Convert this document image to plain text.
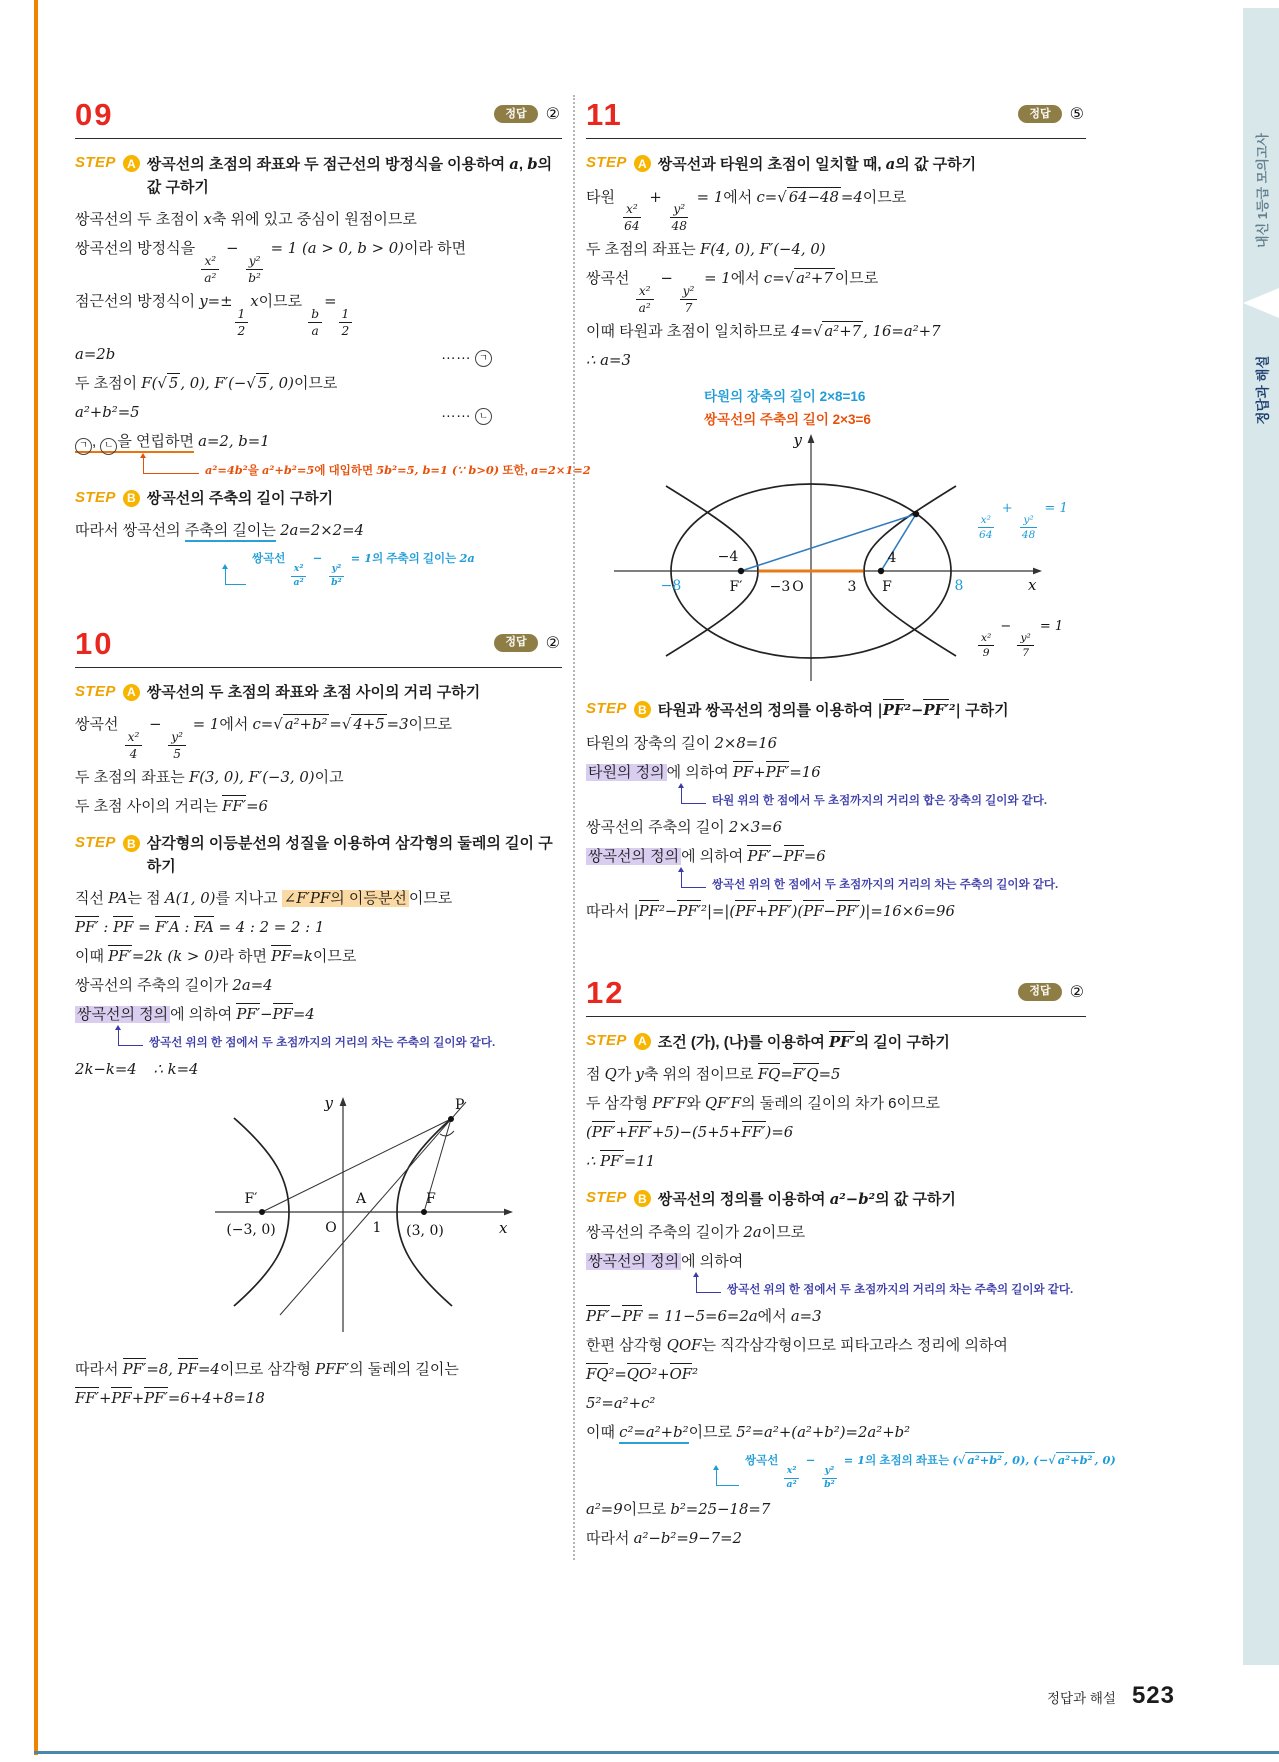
내신 1등급 모의고사
정답과 해설
정답과 해설 523
09	정답	②
STEP A 쌍곡선의 초점의 좌표와 두 점근선의 방정식을 이용하여 a, b의 값 구하기
쌍곡선의 두 초점이 x축 위에 있고 중심이 원점이므로
쌍곡선의 방정식을
$\frac{\text{x²}}{\text{a²}}$
−
$\frac{\text{y²}}{\text{b²}}$
= 1 (a > 0, b > 0)이라 하면
점근선의 방정식이 y=±
$\frac{1}{2}$
x이므로
$\frac{b}{a}$
=
$\frac{1}{2}$
a=2b	…… ㄱ
두 초점이 F(√ 5 , 0), F′(−√ 5 , 0)이므로
a²+b²=5	…… ㄴ
ㄱ , ㄴ 을 연립하면 a=2, b=1
a²=4b²을 a²+b²=5에 대입하면 5b²=5, b=1 (∵ b>0) 또한, a=2×1=2
STEP B 쌍곡선의 주축의 길이 구하기
따라서 쌍곡선의 주축의 길이는 2a=2×2=4
쌍곡선
$\frac{\text{x²}}{\text{a²}}$
−
$\frac{\text{y²}}{\text{b²}}$
= 1의 주축의 길이는 2a
10	정답	②
STEP A 쌍곡선의 두 초점의 좌표와 초점 사이의 거리 구하기
쌍곡선
$\frac{\text{x²}}{4}$
−
$\frac{\text{y²}}{5}$
= 1에서 c=√ a²+b² =√ 4+5 =3이므로
두 초점의 좌표는 F(3, 0), F′(−3, 0)이고
두 초점 사이의 거리는 FF′=6
STEP B 삼각형의 이등분선의 성질을 이용하여 삼각형의 둘레의 길이 구하기
직선 PA는 점 A(1, 0)를 지나고 ∠F′PF의 이등분선 이므로
PF′ : PF = F′A : FA = 4 : 2 = 2 : 1
이때 PF′=2k (k > 0)라 하면 PF=k이므로
쌍곡선의 주축의 길이가 2a=4
쌍곡선의 정의 에 의하여 PF′−PF=4
쌍곡선 위의 한 점에서 두 초점까지의 거리의 차는 주축의 길이와 같다.
2k−k=4 ∴ k=4
y
x
P
F′
(−3, 0)
A
1
O
F
(3, 0)
따라서 PF′=8, PF=4이므로 삼각형 PFF′의 둘레의 길이는
FF′+PF+PF′=6+4+8=18
11	정답	⑤
STEP A 쌍곡선과 타원의 초점이 일치할 때, a의 값 구하기
타원
$\frac{\text{x²}}{64}$
+
$\frac{\text{y²}}{48}$
= 1에서 c=√ 64−48 =4이므로
두 초점의 좌표는 F(4, 0), F′(−4, 0)
쌍곡선
$\frac{\text{x²}}{\text{a²}}$
−
$\frac{\text{y²}}{7}$
= 1에서 c=√ a²+7 이므로
이때 타원과 초점이 일치하므로 4=√ a²+7 , 16=a²+7
∴ a=3
타원의 장축의 길이 2×8=16
쌍곡선의 주축의 길이 2×3=6
$\frac{\text{x²}}{64}$
+
$\frac{\text{y²}}{48}$
= 1
$\frac{\text{x²}}{9}$
−
$\frac{\text{y²}}{7}$
= 1
y
x
−8	8
−4	4
F′	F
−3	3
O
STEP B 타원과 쌍곡선의 정의를 이용하여 |PF²−PF′²| 구하기
타원의 장축의 길이 2×8=16
타원의 정의 에 의하여 PF+PF′=16
타원 위의 한 점에서 두 초점까지의 거리의 합은 장축의 길이와 같다.
쌍곡선의 주축의 길이 2×3=6
쌍곡선의 정의 에 의하여 PF′−PF=6
쌍곡선 위의 한 점에서 두 초점까지의 거리의 차는 주축의 길이와 같다.
따라서 |PF²−PF′²|=|(PF+PF′)(PF−PF′)|=16×6=96
12	정답	②
STEP A 조건 (가), (나)를 이용하여 PF′의 길이 구하기
점 Q가 y축 위의 점이므로 FQ=F′Q=5
두 삼각형 PF′F와 QF′F의 둘레의 길이의 차가 6이므로
(PF′+FF′+5)−(5+5+FF′)=6
∴ PF′=11
STEP B 쌍곡선의 정의를 이용하여 a²−b²의 값 구하기
쌍곡선의 주축의 길이가 2a이므로
쌍곡선의 정의 에 의하여
쌍곡선 위의 한 점에서 두 초점까지의 거리의 차는 주축의 길이와 같다.
PF′−PF = 11−5=6=2a에서 a=3
한편 삼각형 QOF는 직각삼각형이므로 피타고라스 정리에 의하여
FQ²=QO²+OF²
5²=a²+c²
이때 c²=a²+b²이므로 5²=a²+(a²+b²)=2a²+b²
쌍곡선
$\frac{\text{x²}}{\text{a²}}$
−
$\frac{\text{y²}}{\text{b²}}$
= 1의 초점의 좌표는 (√ a²+b² , 0), (−√ a²+b² , 0)
a²=9이므로 b²=25−18=7
따라서 a²−b²=9−7=2
